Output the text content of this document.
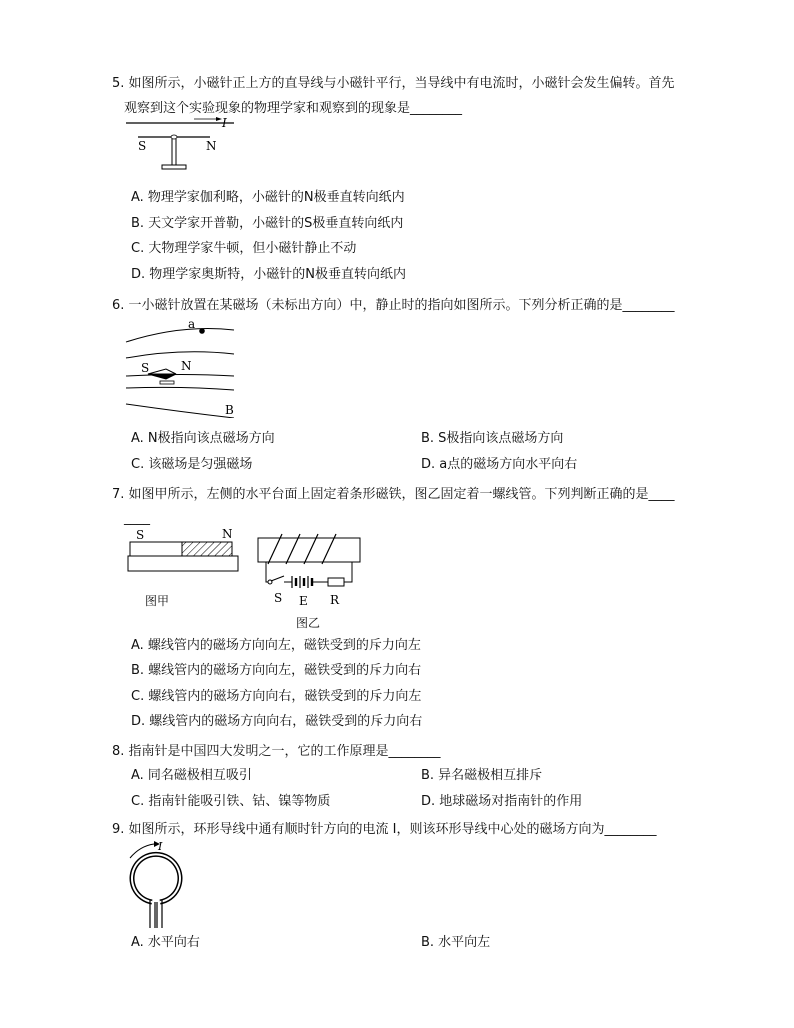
5. 如图所示，小磁针正上方的直导线与小磁针平行，当导线中有电流时，小磁针会发生偏转。首先
观察到这个实验现象的物理学家和观察到的现象是________
I
S	N
A. 物理学家伽利略，小磁针的N极垂直转向纸内
B. 天文学家开普勒，小磁针的S极垂直转向纸内
C. 大物理学家牛顿，但小磁针静止不动
D. 物理学家奥斯特，小磁针的N极垂直转向纸内
6. 一小磁针放置在某磁场（未标出方向）中，静止时的指向如图所示。下列分析正确的是________
a
S	N
B
A. N极指向该点磁场方向	B. S极指向该点磁场方向
C. 该磁场是匀强磁场	D. a点的磁场方向水平向右
7. 如图甲所示，左侧的水平台面上固定着条形磁铁，图乙固定着一螺线管。下列判断正确的是____
____
S	N
图甲	S E R
图乙
A. 螺线管内的磁场方向向左，磁铁受到的斥力向左
B. 螺线管内的磁场方向向左，磁铁受到的斥力向右
C. 螺线管内的磁场方向向右，磁铁受到的斥力向左
D. 螺线管内的磁场方向向右，磁铁受到的斥力向右
8. 指南针是中国四大发明之一，它的工作原理是________
A. 同名磁极相互吸引	B. 异名磁极相互排斥
C. 指南针能吸引铁、钴、镍等物质	D. 地球磁场对指南针的作用
9. 如图所示，环形导线中通有顺时针方向的电流 I，则该环形导线中心处的磁场方向为________
I
A. 水平向右	B. 水平向左
